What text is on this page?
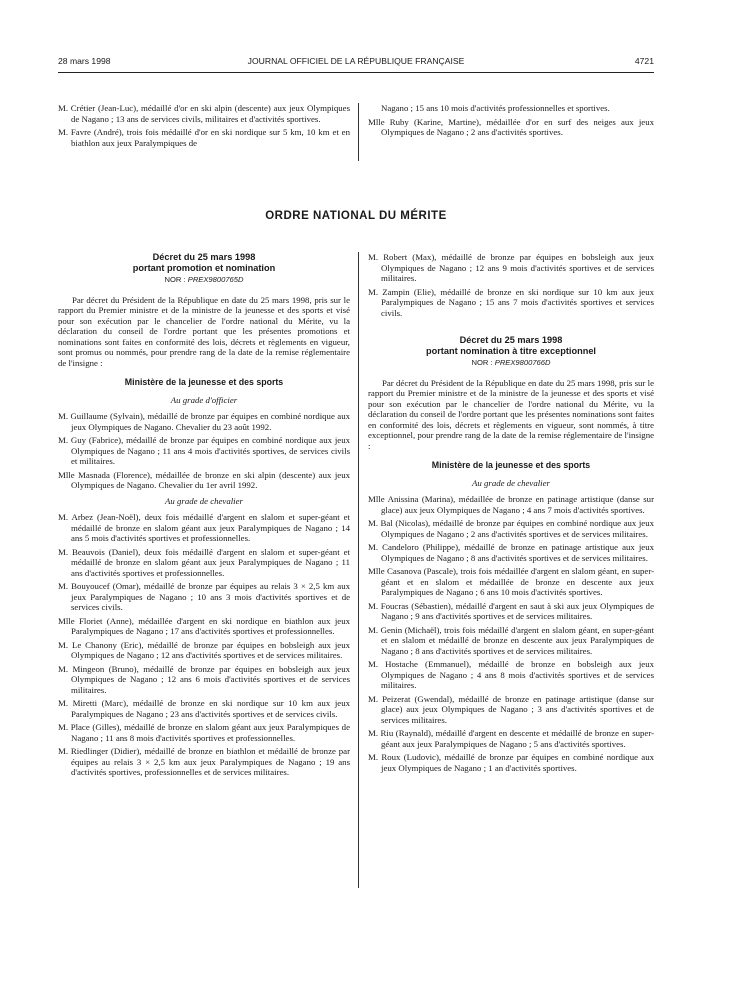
28 mars 1998	JOURNAL OFFICIEL DE LA RÉPUBLIQUE FRANÇAISE	4721

M. Crétier (Jean-Luc), médaillé d'or en ski alpin (descente) aux jeux Olympiques de Nagano ; 13 ans de services civils, militaires et d'activités sportives.

M. Favre (André), trois fois médaillé d'or en ski nordique sur 5 km, 10 km et en biathlon aux jeux Paralympiques de

Nagano ; 15 ans 10 mois d'activités professionnelles et sportives.

Mlle Ruby (Karine, Martine), médaillée d'or en surf des neiges aux jeux Olympiques de Nagano ; 2 ans d'activités sportives.

ORDRE NATIONAL DU MÉRITE
Décret du 25 mars 1998
portant promotion et nomination
NOR : PREX9800765D

Par décret du Président de la République en date du 25 mars 1998, pris sur le rapport du Premier ministre et de la ministre de la jeunesse et des sports et visé pour son exécution par le chancelier de l'ordre national du Mérite, vu la déclaration du conseil de l'ordre portant que les présentes promotions et nominations sont faites en conformité des lois, décrets et règlements en vigueur, sont promus ou nommés, pour prendre rang de la date de la remise réglementaire de l'insigne :

Ministère de la jeunesse et des sports
Au grade d'officier

M. Guillaume (Sylvain), médaillé de bronze par équipes en combiné nordique aux jeux Olympiques de Nagano. Chevalier du 23 août 1992.

M. Guy (Fabrice), médaillé de bronze par équipes en combiné nordique aux jeux Olympiques de Nagano ; 11 ans 4 mois d'activités sportives, de services civils et militaires.

Mlle Masnada (Florence), médaillée de bronze en ski alpin (descente) aux jeux Olympiques de Nagano. Chevalier du 1er avril 1992.

Au grade de chevalier

M. Arbez (Jean-Noël), deux fois médaillé d'argent en slalom et super-géant et médaillé de bronze en slalom géant aux jeux Paralympiques de Nagano ; 14 ans 5 mois d'activités sportives et professionnelles.

M. Beauvois (Daniel), deux fois médaillé d'argent en slalom et super-géant et médaillé de bronze en slalom géant aux jeux Paralympiques de Nagano ; 11 ans d'activités sportives et professionnelles.

M. Bouyoucef (Omar), médaillé de bronze par équipes au relais 3 × 2,5 km aux jeux Paralympiques de Nagano ; 10 ans 3 mois d'activités sportives et de services civils.

Mlle Floriet (Anne), médaillée d'argent en ski nordique en biathlon aux jeux Paralympiques de Nagano ; 17 ans d'activités sportives et professionnelles.

M. Le Chanony (Eric), médaillé de bronze par équipes en bobsleigh aux jeux Olympiques de Nagano ; 12 ans d'activités sportives et de services militaires.

M. Mingeon (Bruno), médaillé de bronze par équipes en bobsleigh aux jeux Olympiques de Nagano ; 12 ans 6 mois d'activités sportives et de services militaires.

M. Miretti (Marc), médaillé de bronze en ski nordique sur 10 km aux jeux Paralympiques de Nagano ; 23 ans d'activités sportives et de services civils.

M. Place (Gilles), médaillé de bronze en slalom géant aux jeux Paralympiques de Nagano ; 11 ans 8 mois d'activités sportives et professionnelles.

M. Riedlinger (Didier), médaillé de bronze en biathlon et médaillé de bronze par équipes au relais 3 × 2,5 km aux jeux Paralympiques de Nagano ; 19 ans d'activités sportives, professionnelles et de services militaires.

M. Robert (Max), médaillé de bronze par équipes en bobsleigh aux jeux Olympiques de Nagano ; 12 ans 9 mois d'activités sportives et de services militaires.

M. Zampin (Elie), médaillé de bronze en ski nordique sur 10 km aux jeux Paralympiques de Nagano ; 15 ans 7 mois d'activités sportives et services civils.

Décret du 25 mars 1998
portant nomination à titre exceptionnel
NOR : PREX9800766D

Par décret du Président de la République en date du 25 mars 1998, pris sur le rapport du Premier ministre et de la ministre de la jeunesse et des sports et visé pour son exécution par le chancelier de l'ordre national du Mérite, vu la déclaration du conseil de l'ordre portant que les présentes nominations sont faites en conformité des lois, décrets et règlements en vigueur, sont nommés, à titre exceptionnel, pour prendre rang de la date de la remise réglementaire de l'insigne :

Ministère de la jeunesse et des sports
Au grade de chevalier

Mlle Anissina (Marina), médaillée de bronze en patinage artistique (danse sur glace) aux jeux Olympiques de Nagano ; 4 ans 7 mois d'activités sportives.

M. Bal (Nicolas), médaillé de bronze par équipes en combiné nordique aux jeux Olympiques de Nagano ; 2 ans d'activités sportives et de services militaires.

M. Candeloro (Philippe), médaillé de bronze en patinage artistique aux jeux Olympiques de Nagano ; 8 ans d'activités sportives et de services militaires.

Mlle Casanova (Pascale), trois fois médaillée d'argent en slalom géant, en super-géant et en slalom et médaillée de bronze en descente aux jeux Paralympiques de Nagano ; 6 ans 10 mois d'activités sportives.

M. Foucras (Sébastien), médaillé d'argent en saut à ski aux jeux Olympiques de Nagano ; 9 ans d'activités sportives et de services militaires.

M. Genin (Michaël), trois fois médaillé d'argent en slalom géant, en super-géant et en slalom et médaillé de bronze en descente aux jeux Paralympiques de Nagano ; 8 ans d'activités sportives et de services militaires.

M. Hostache (Emmanuel), médaillé de bronze en bobsleigh aux jeux Olympiques de Nagano ; 4 ans 8 mois d'activités sportives et de services militaires.

M. Peizerat (Gwendal), médaillé de bronze en patinage artistique (danse sur glace) aux jeux Olympiques de Nagano ; 3 ans d'activités sportives et de services militaires.

M. Riu (Raynald), médaillé d'argent en descente et médaillé de bronze en super-géant aux jeux Paralympiques de Nagano ; 5 ans d'activités sportives.

M. Roux (Ludovic), médaillé de bronze par équipes en combiné nordique aux jeux Olympiques de Nagano ; 1 an d'activités sportives.
